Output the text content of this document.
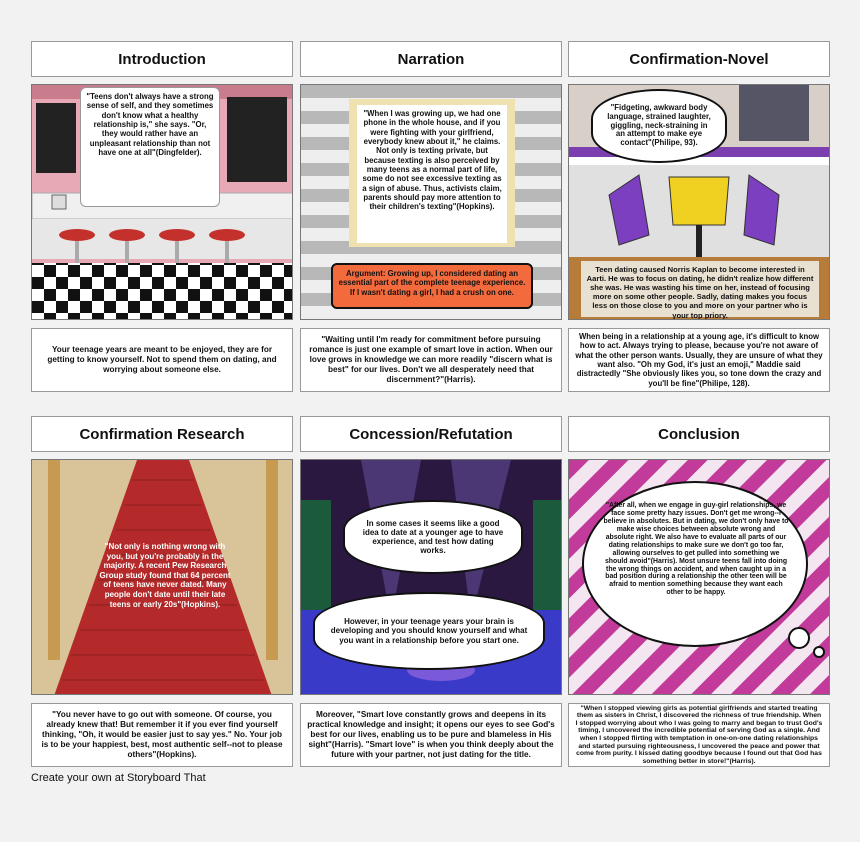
Introduction
"Teens don't always have a strong sense of self, and they sometimes don't know what a healthy relationship is," she says. "Or, they would rather have an unpleasant relationship than not have one at all"(Dingfelder).
Your teenage years are meant to be enjoyed, they are for getting to know yourself. Not to spend them on dating, and worrying about someone else.
Narration
"When I was growing up, we had one phone in the whole house, and if you were fighting with your girlfriend, everybody knew about it," he claims. Not only is texting private, but because texting is also perceived by many teens as a normal part of life, some do not see excessive texting as a sign of abuse. Thus, activists claim, parents should pay more attention to their children's texting"(Hopkins).
Argument: Growing up, I considered dating an essential part of the complete teenage experience. If I wasn't dating a girl, I had a crush on one.
"Waiting until I'm ready for commitment before pursuing romance is just one example of smart love in action. When our love grows in knowledge we can more readily "discern what is best" for our lives. Don't we all desperately need that discernment?"(Harris).
Confirmation-Novel
"Fidgeting, awkward body language, strained laughter, giggling, neck-straining in an attempt to make eye contact"(Philipe, 93).
Teen dating caused Norris Kaplan to become interested in Aarti. He was to focus on dating, he didn't realize how different she was. He was wasting his time on her, instead of focusing more on some other people. Sadly, dating makes you focus less on those close to you and more on your partner who is your top priory.
When being in a relationship at a young age, it's difficult to know how to act. Always trying to please, because you're not aware of what the other person wants. Usually, they are unsure of what they want also. "Oh my God, it's just an emoji," Maddie said distractedly "She obviously likes you, so tone down the crazy and you'll be fine"(Philipe, 128).
Confirmation Research
"Not only is nothing wrong with you, but you're probably in the majority. A recent Pew Research Group study found that 64 percent of teens have never dated. Many people don't date until their late teens or early 20s"(Hopkins).
"You never have to go out with someone. Of course, you already knew that! But remember it if you ever find yourself thinking, "Oh, it would be easier just to say yes." No. Your job is to be your happiest, best, most authentic self--not to please others"(Hopkins).
Concession/Refutation
In some cases it seems like a good idea to date at a younger age to have experience, and test how dating works.
However, in your teenage years your brain is developing and you should know yourself and what you want in a relationship before you start one.
Moreover, "Smart love constantly grows and deepens in its practical knowledge and insight; it opens our eyes to see God's best for our lives, enabling us to be pure and blameless in His sight"(Harris). "Smart love" is when you think deeply about the future with your partner, not just dating for the title.
Conclusion
"After all, when we engage in guy-girl relationships, we face some pretty hazy issues. Don't get me wrong--I believe in absolutes. But in dating, we don't only have to make wise choices between absolute wrong and absolute right. We also have to evaluate all parts of our dating relationships to make sure we don't go too far, allowing ourselves to get pulled into something we should avoid"(Harris). Most unsure teens fall into doing the wrong things on accident, and when caught up in a bad position during a relationship the other teen will be afraid to mention something because they want each other to be happy.
"When I stopped viewing girls as potential girlfriends and started treating them as sisters in Christ, I discovered the richness of true friendship. When I stopped worrying about who I was going to marry and began to trust God's timing, I uncovered the incredible potential of serving God as a single. And when I stopped flirting with temptation in one-on-one dating relationships and started pursuing righteousness, I uncovered the peace and power that come from purity. I kissed dating goodbye because I found out that God has something better in store!"(Harris).
Create your own at Storyboard That
